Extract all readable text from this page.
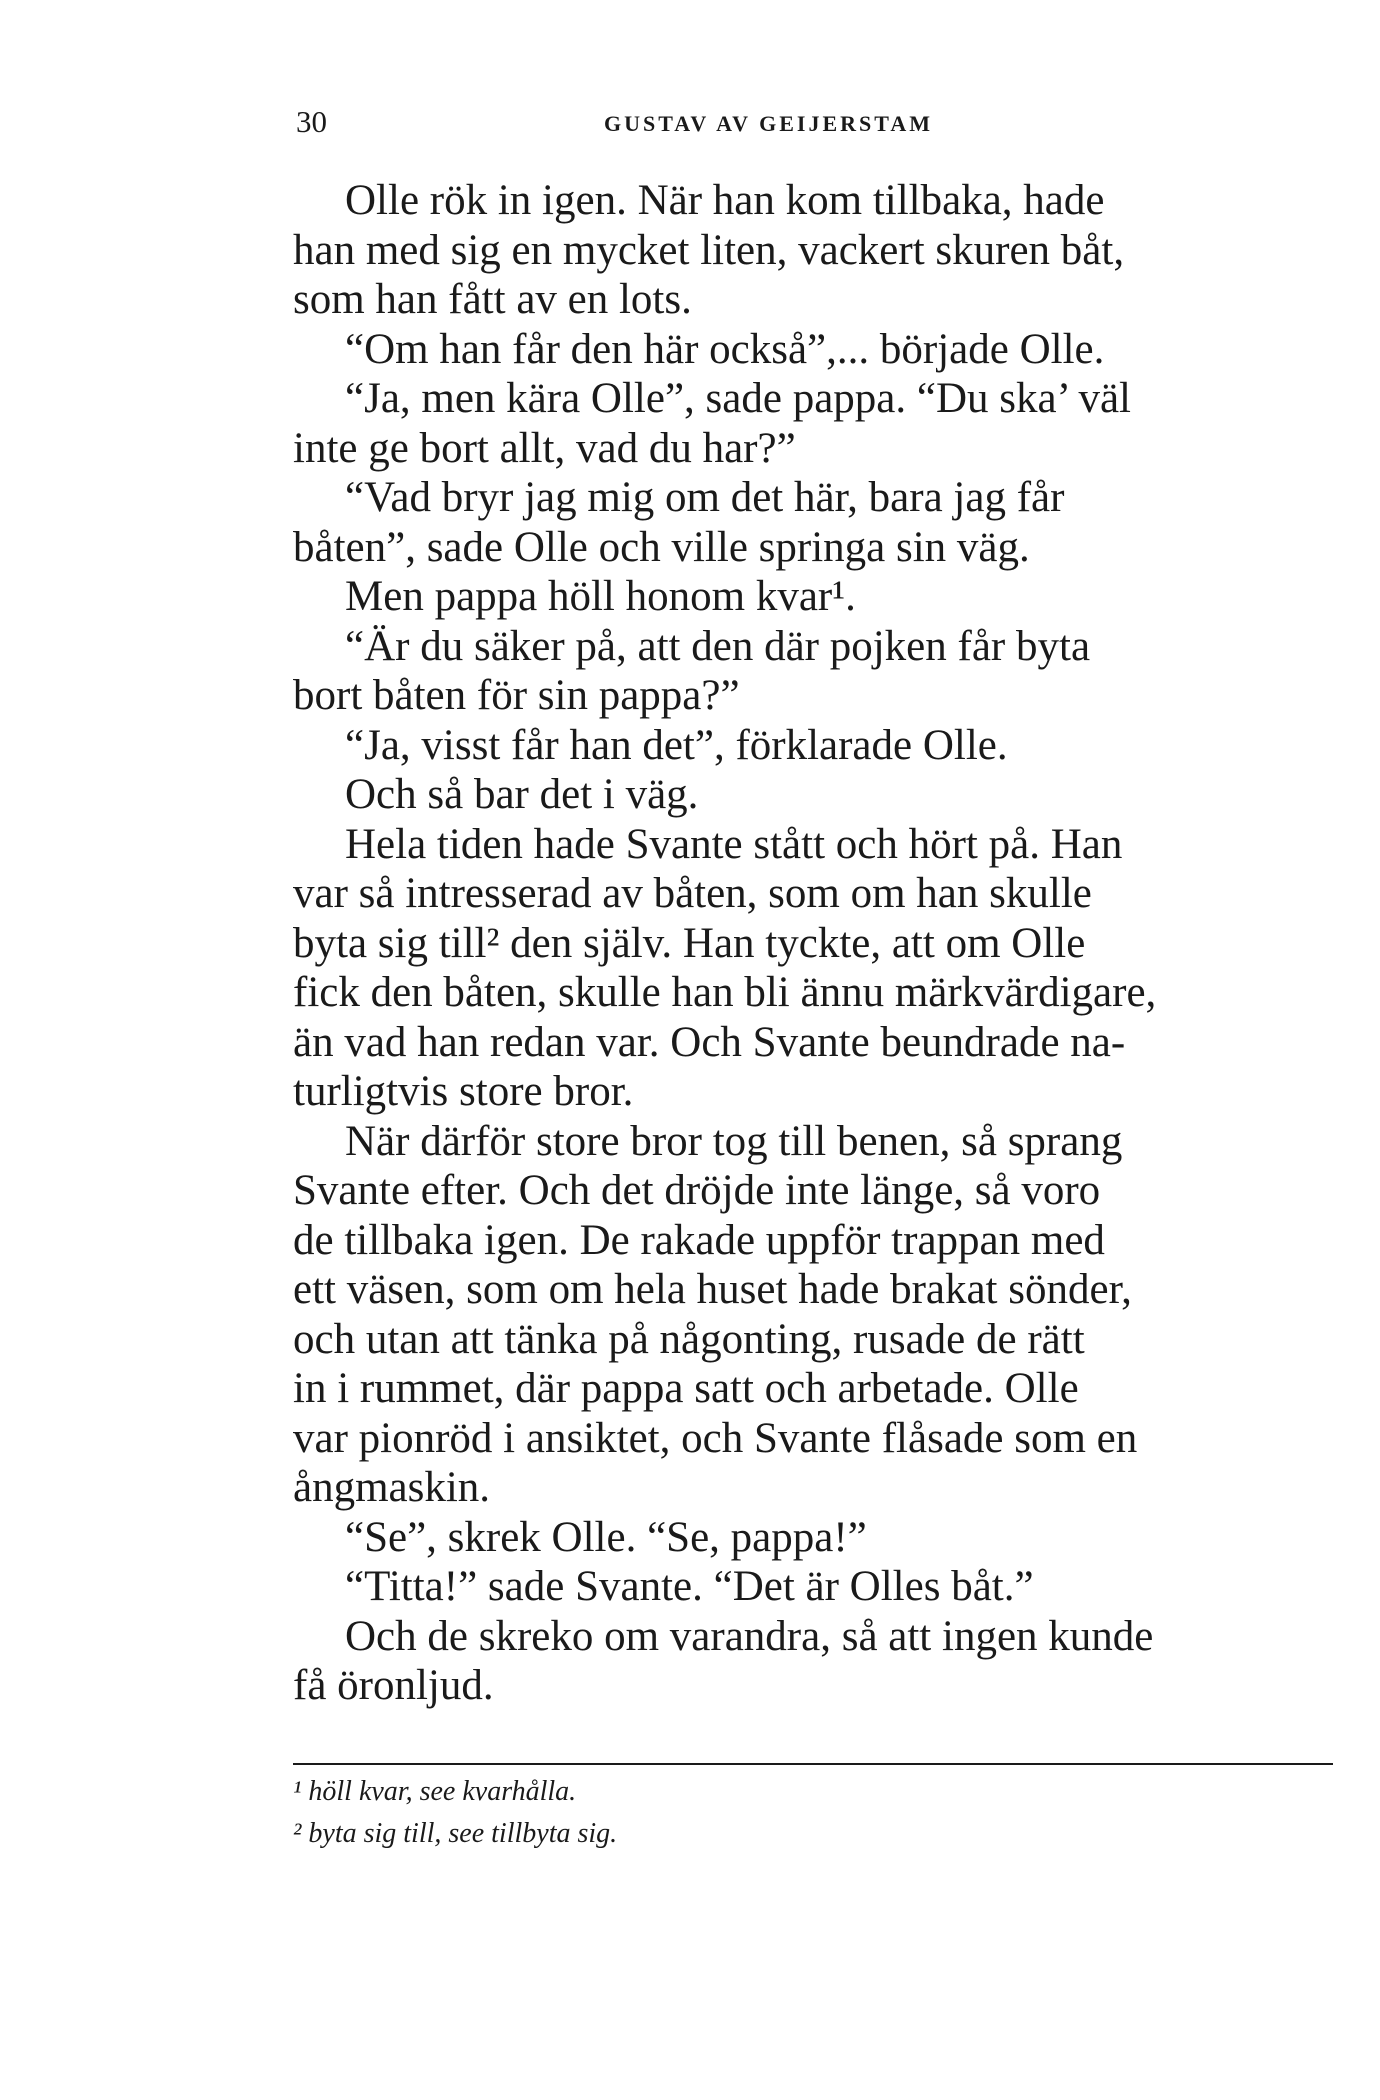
30	GUSTAV AV GEIJERSTAM
Olle rök in igen. När han kom tillbaka, hade
han med sig en mycket liten, vackert skuren båt,
som han fått av en lots.
“Om han får den här också”,... började Olle.
“Ja, men kära Olle”, sade pappa. “Du ska’ väl
inte ge bort allt, vad du har?”
“Vad bryr jag mig om det här, bara jag får
båten”, sade Olle och ville springa sin väg.
Men pappa höll honom kvar¹.
“Är du säker på, att den där pojken får byta
bort båten för sin pappa?”
“Ja, visst får han det”, förklarade Olle.
Och så bar det i väg.
Hela tiden hade Svante stått och hört på. Han
var så intresserad av båten, som om han skulle
byta sig till² den själv. Han tyckte, att om Olle
fick den båten, skulle han bli ännu märkvärdigare,
än vad han redan var. Och Svante beundrade na-
turligtvis store bror.
När därför store bror tog till benen, så sprang
Svante efter. Och det dröjde inte länge, så voro
de tillbaka igen. De rakade uppför trappan med
ett väsen, som om hela huset hade brakat sönder,
och utan att tänka på någonting, rusade de rätt
in i rummet, där pappa satt och arbetade. Olle
var pionröd i ansiktet, och Svante flåsade som en
ångmaskin.
“Se”, skrek Olle. “Se, pappa!”
“Titta!” sade Svante. “Det är Olles båt.”
Och de skreko om varandra, så att ingen kunde
få öronljud.
¹ höll kvar, see kvarhålla.
² byta sig till, see tillbyta sig.
